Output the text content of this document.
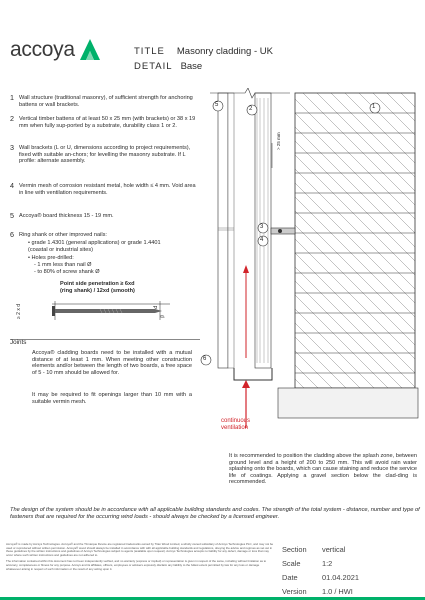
accoya	TITLE Masonry cladding - UK
DETAIL Base
1 Wall structure (traditional masonry), of sufficient strength for anchoring battens or wall brackets.
2 Vertical timber battens of at least 50 x 25 mm (with brackets) or 38 x 19 mm when fully sup-ported by a substrate, durability class 1 or 2.
3 Wall brackets (L or U, dimensions according to project requirements), fixed with suitable an-chors; for levelling the masonry substrate. If L profile: alternate assembly.
4 Vermin mesh of corrosion resistant metal, hole width ≤ 4 mm. Void area in line with ventilation requirements.
5 Accoya® board thickness 15 - 19 mm.
6 Ring shank or other improved nails:
• grade 1.4301 (general applications) or grade 1.4401 (coastal or industrial sites)
• Holes pre-drilled:
- 1 mm less than nail Ø
- to 80% of screw shank Ø
Point side penetration ≥ 6xd
(ring shank) / 12xd (smooth)
≥ 2 x d	P
d
Joints
Accoya® cladding boards need to be installed with a mutual distance of at least 1 mm. When meeting other construction elements and/or between the length of two boards, a free space of 5 - 10 mm should be allowed for.
It may be required to fit openings larger than 10 mm with a suitable vermin mesh.
1
2
3
4
5
6
> 25 mm
continuous
ventilation
It is recommended to position the cladding above the splash zone, between ground level and a height of 200 to 250 mm. This will avoid rain water splashing onto the boards, which can cause staining and reduce the service life of coatings. Applying a gravel section below the clad-ding is recommended.
The design of the system should be in accordance with all applicable building standards and codes. The strength of the total system - distance, number and type of fasteners that are required for the occurring wind loads - should always be checked by a licensed engineer.
Accoya® is made by Accsys Technologies. Accoya® and the Trimarque Device are registered trademarks owned by Titan Wood Limited, a wholly owned subsidiary of Accsys Technologies PLC, and may not be used or reproduced without written permission. Accoya® wood should always be installed in accordance with with all applicable building standards and regulations, obeying the advice and regimes as set out in these guidelines by the written instructions and guidelines of Accsys Technologies subject to agents (available upon request). Accsys Technologies accepts no liability for any defect, damage or loss that may occur where such written instructions and guidelines are not adhered to.
The information contained within this document has not been independently verified, and no warranty (express or implied) or representation is given in respect of the same, including without limitation as to accuracy, completeness or fitness for any purpose. Accsys and its affiliates, officers, employees or advisers expressly disclaim any liability to the fullest extent permitted by law for any loss or damage whatsoever arising in respect of such information or the result of any acting upon it.
Section	vertical
Scale	1:2
Date	01.04.2021
Version	1.0 / HWI
